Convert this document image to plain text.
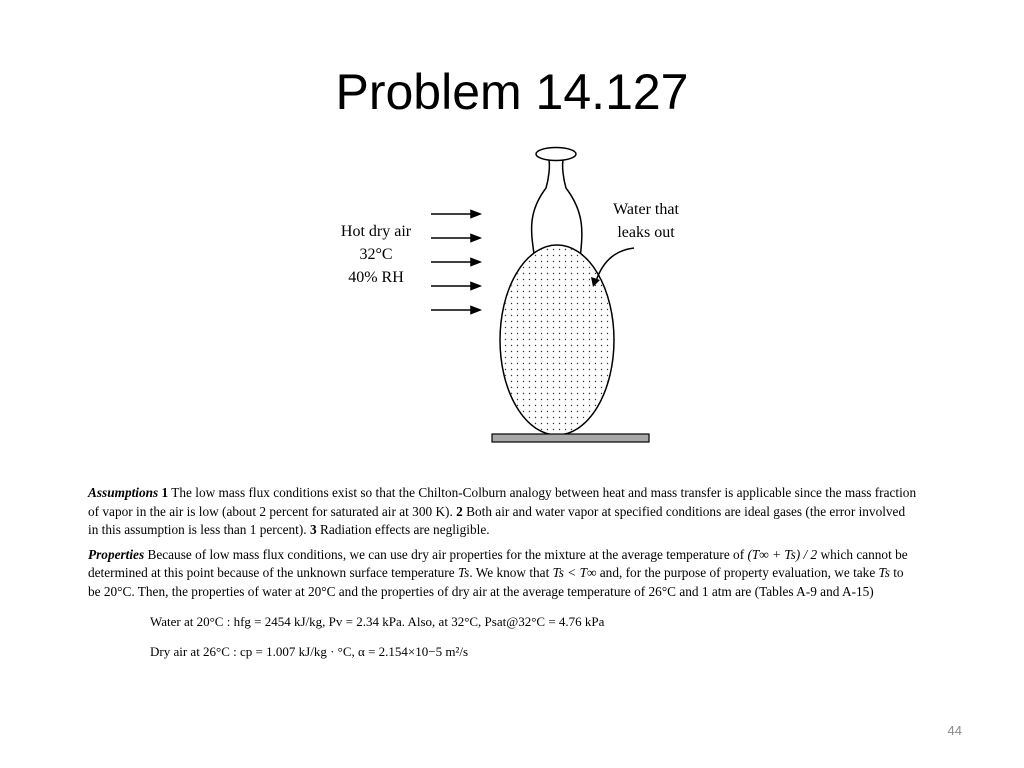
Problem 14.127
Hot dry air
32°C
40% RH
Water that
leaks out

Assumptions 1 The low mass flux conditions exist so that the Chilton-Colburn analogy between heat and mass transfer is applicable since the mass fraction of vapor in the air is low (about 2 percent for saturated air at 300 K). 2 Both air and water vapor at specified conditions are ideal gases (the error involved in this assumption is less than 1 percent). 3 Radiation effects are negligible.

Properties Because of low mass flux conditions, we can use dry air properties for the mixture at the average temperature of (T∞ + Ts) / 2 which cannot be determined at this point because of the unknown surface temperature Ts. We know that Ts < T∞ and, for the purpose of property evaluation, we take Ts to be 20°C. Then, the properties of water at 20°C and the properties of dry air at the average temperature of 26°C and 1 atm are (Tables A-9 and A-15)

Water at 20°C : hfg = 2454 kJ/kg, Pv = 2.34 kPa. Also, at 32°C, Psat@32°C = 4.76 kPa
Dry air at 26°C : cp = 1.007 kJ/kg · °C, α = 2.154×10−5 m²/s
44
